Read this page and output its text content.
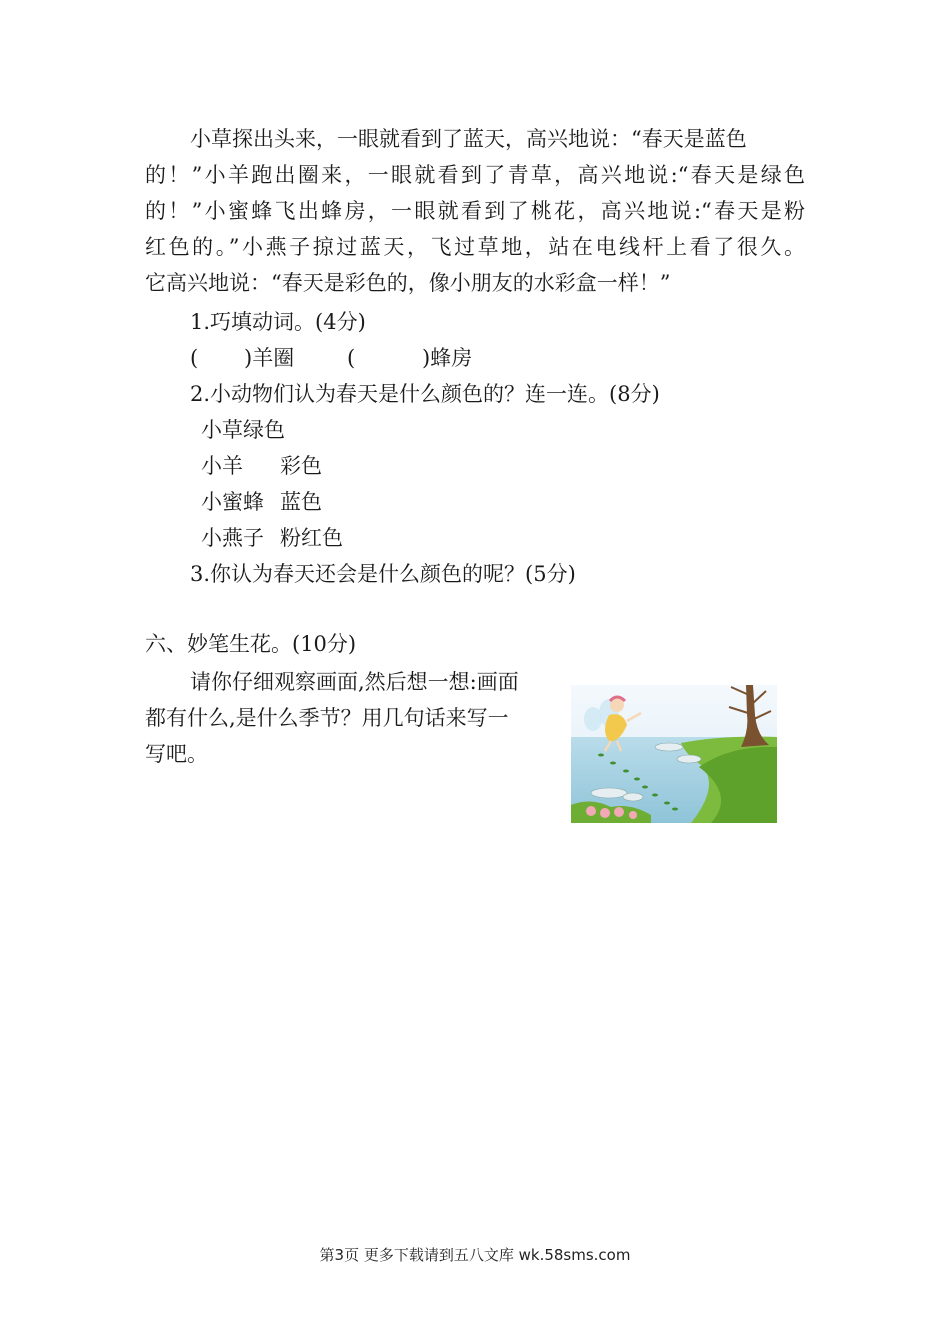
小草探出头来，一眼就看到了蓝天，高兴地说：“春天是蓝色
的！”小羊跑出圈来，一眼就看到了青草，高兴地说:“春天是绿色
的！”小蜜蜂飞出蜂房，一眼就看到了桃花，高兴地说:“春天是粉
红色的。”小燕子掠过蓝天，飞过草地，站在电线杆上看了很久。
它高兴地说：“春天是彩色的，像小朋友的水彩盒一样！”
1.巧填动词。(4分)
( )羊圈	(	)蜂房
2.小动物们认为春天是什么颜色的？连一连。(8分)
小草 绿色
小羊 彩色
小蜜蜂 蓝色
小燕子 粉红色
3.你认为春天还会是什么颜色的呢？(5分)
六、妙笔生花。(10分)
请你仔细观察画面,然后想一想:画面
都有什么,是什么季节？用几句话来写一
写吧。
第3页 更多下载请到五八文库 wk.58sms.com
